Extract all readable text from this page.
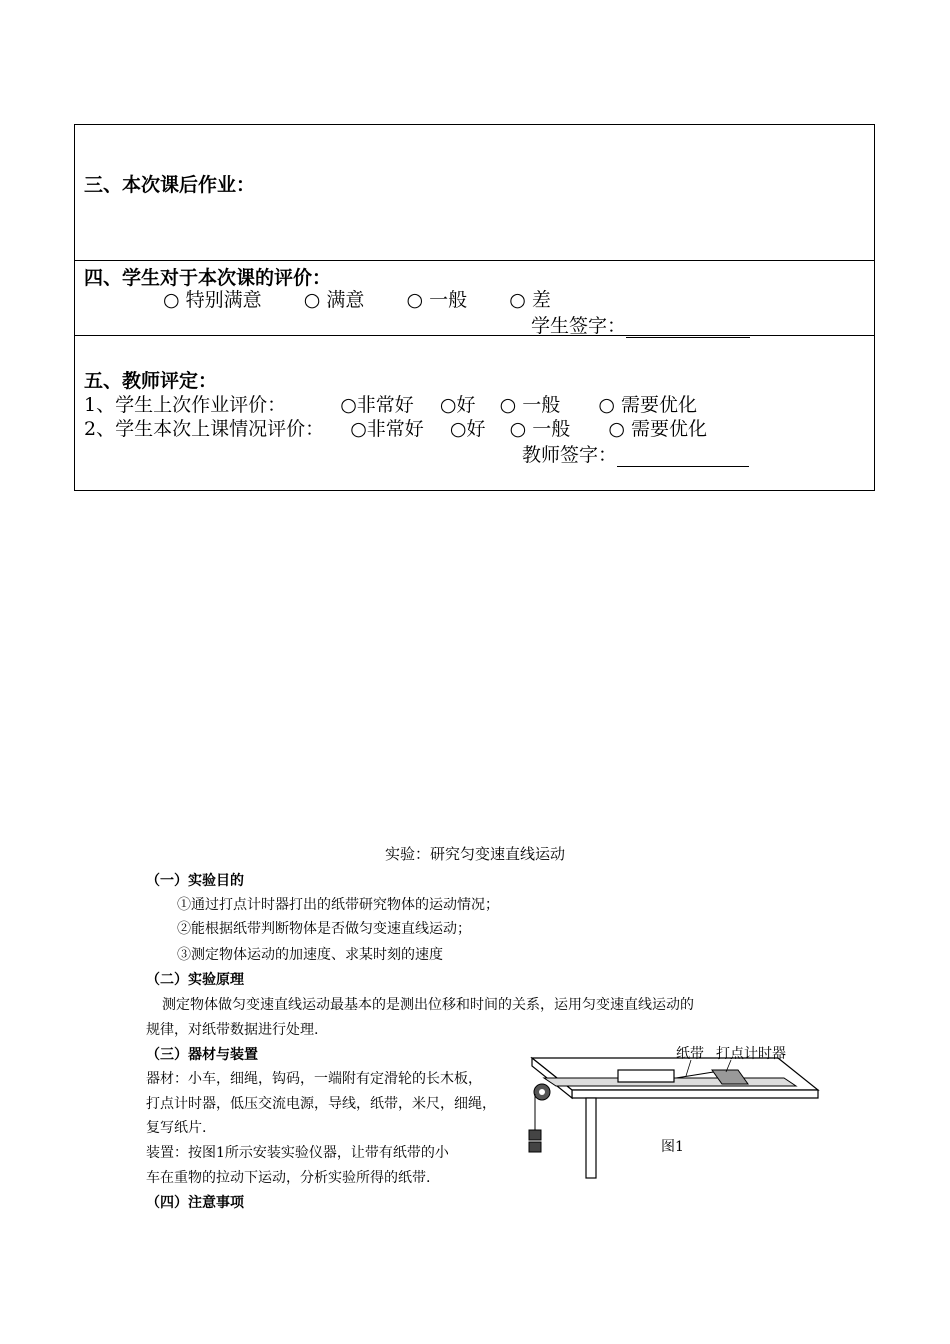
三、本次课后作业：
四、学生对于本次课的评价：
○ 特别满意 ○ 满意 ○ 一般 ○ 差
学生签字：
五、教师评定：
1、学生上次作业评价：	○非常好 ○好 ○ 一般 ○ 需要优化
2、学生本次上课情况评价： ○非常好 ○好 ○ 一般 ○ 需要优化
教师签字：
实验：研究匀变速直线运动
（一）实验目的
①通过打点计时器打出的纸带研究物体的运动情况；
②能根据纸带判断物体是否做匀变速直线运动；
③测定物体运动的加速度、求某时刻的速度
（二）实验原理
测定物体做匀变速直线运动最基本的是测出位移和时间的关系，运用匀变速直线运动的
规律，对纸带数据进行处理.
（三）器材与装置
器材：小车，细绳，钩码，一端附有定滑轮的长木板，
打点计时器，低压交流电源，导线，纸带，米尺，细绳，
复写纸片.
装置：按图1所示安装实验仪器，让带有纸带的小
车在重物的拉动下运动，分析实验所得的纸带.
（四）注意事项
纸带 打点计时器
图1
